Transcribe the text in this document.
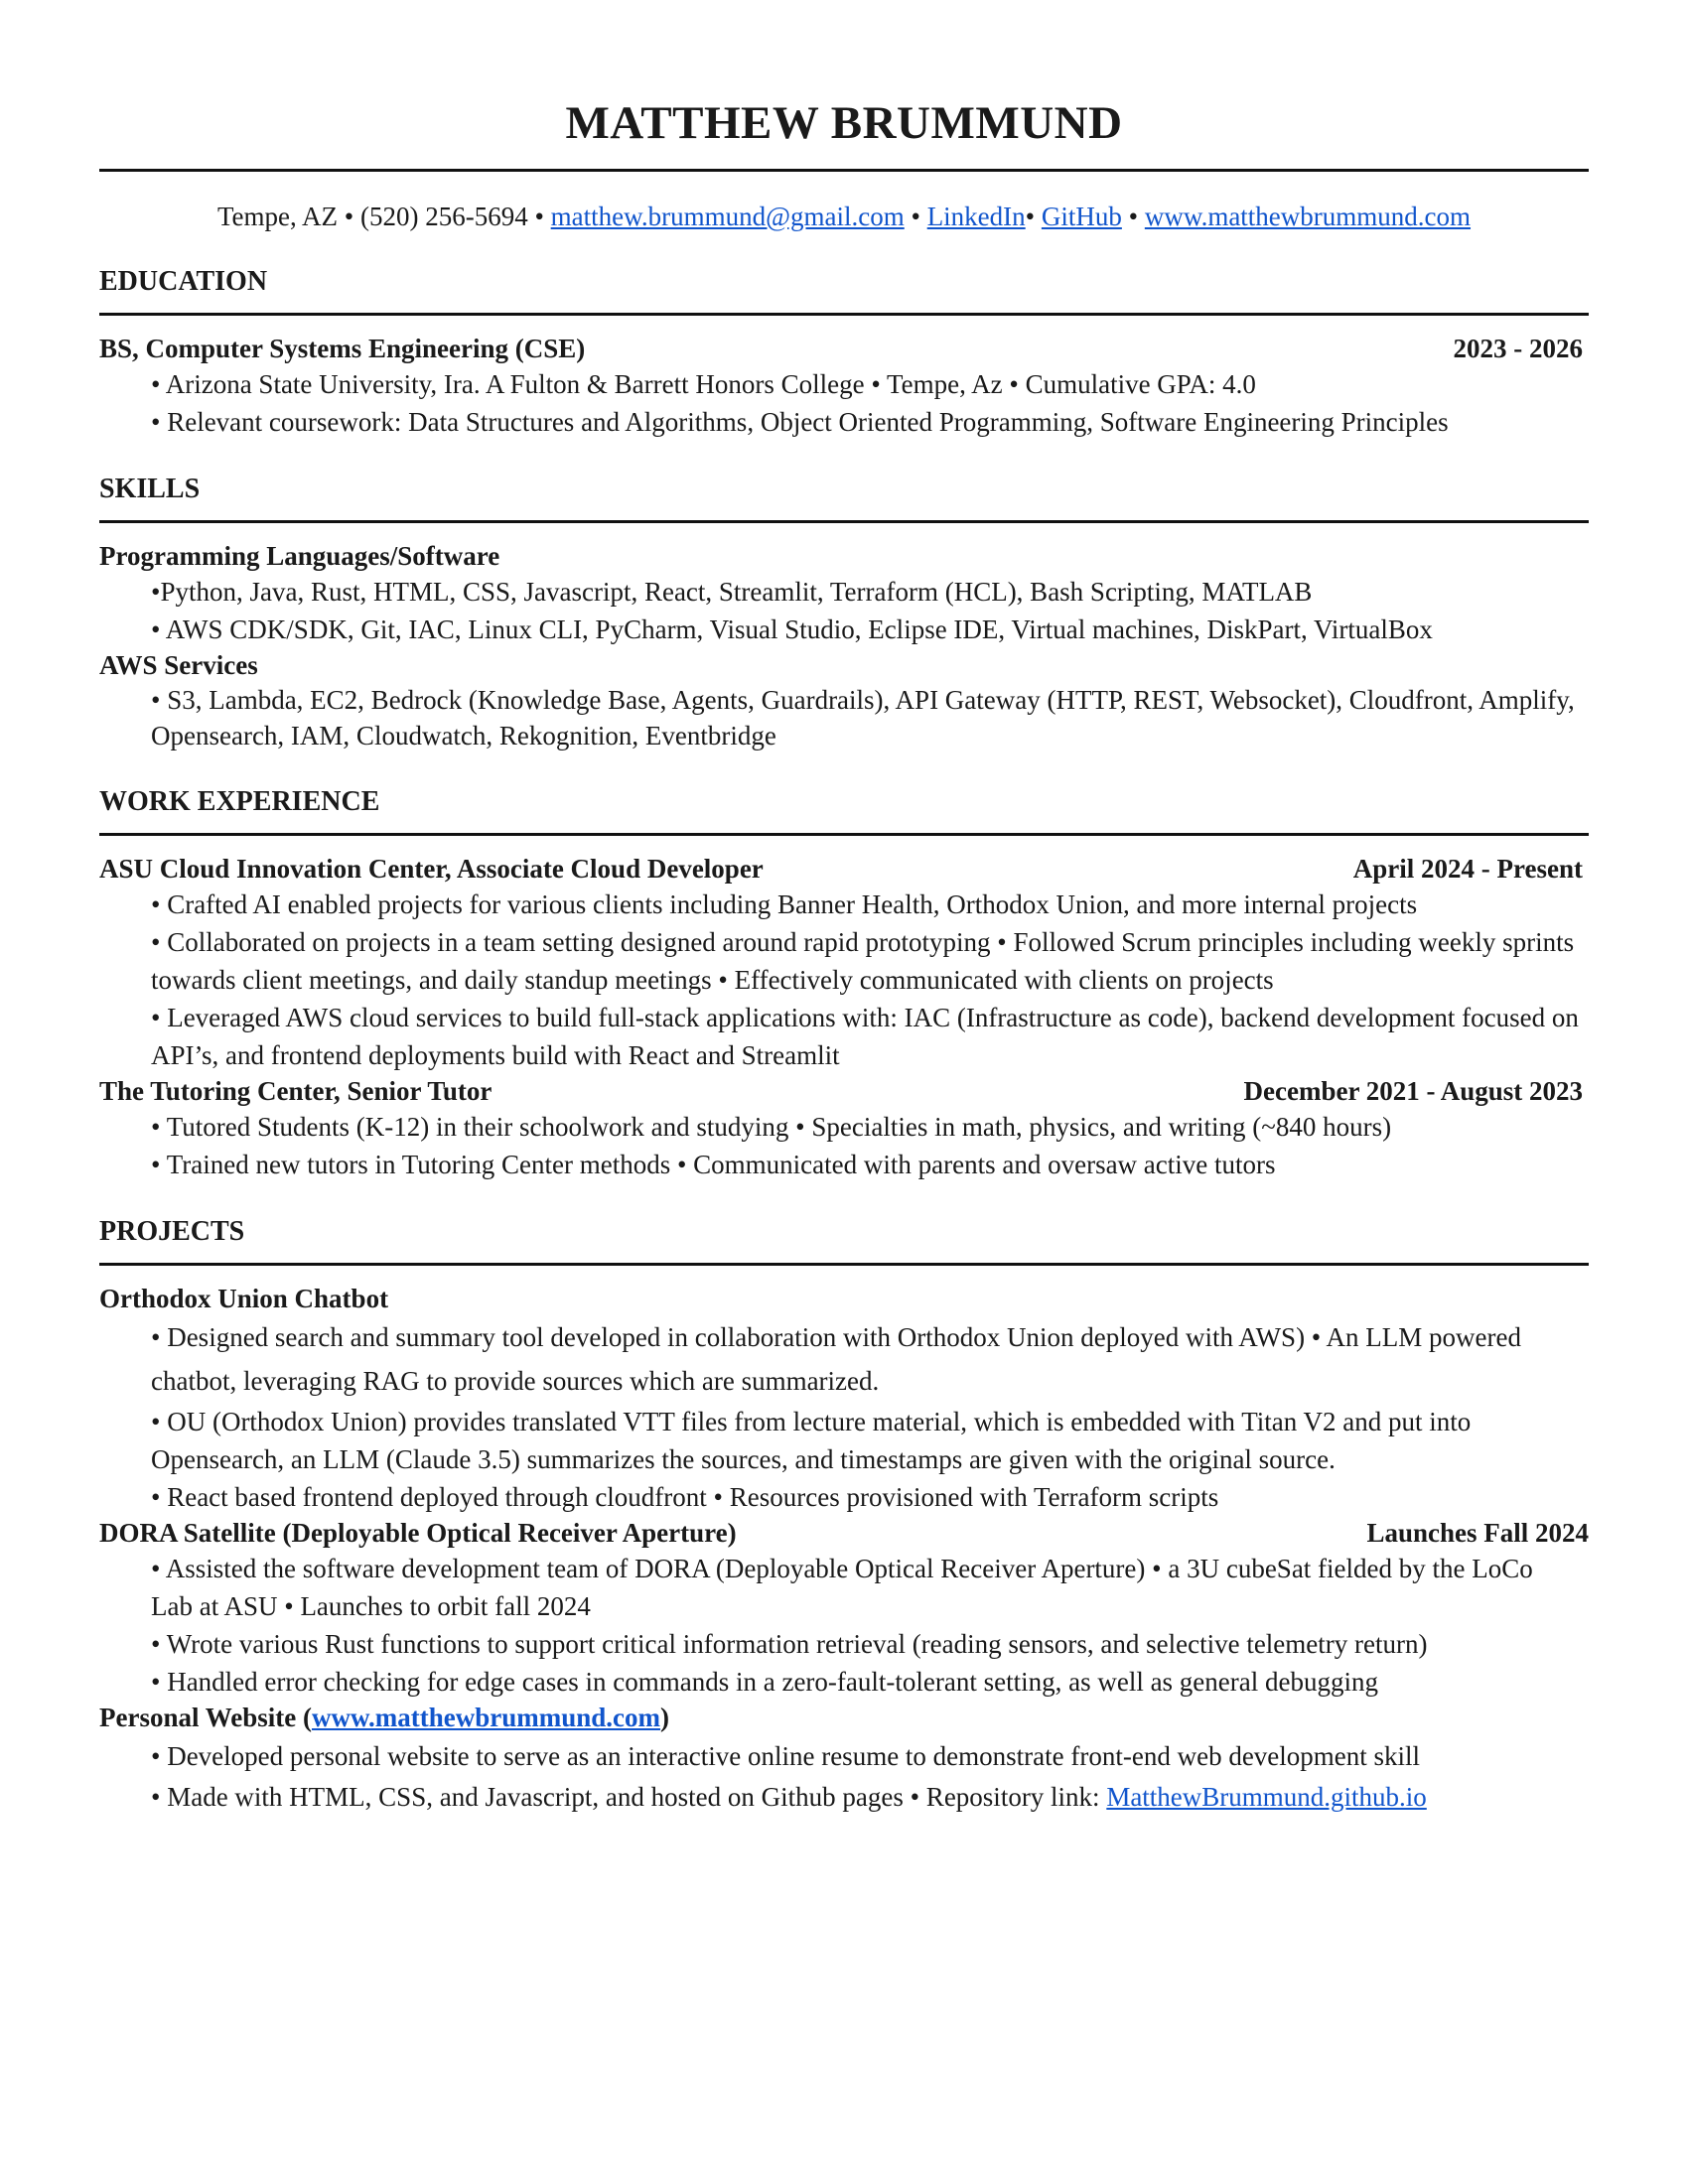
MATTHEW BRUMMUND
Tempe, AZ • (520) 256-5694 • matthew.brummund@gmail.com • LinkedIn• GitHub • www.matthewbrummund.com
EDUCATION
BS, Computer Systems Engineering (CSE)	2023 - 2026
• Arizona State University, Ira. A Fulton & Barrett Honors College • Tempe, Az • Cumulative GPA: 4.0
• Relevant coursework: Data Structures and Algorithms, Object Oriented Programming, Software Engineering Principles
SKILLS
Programming Languages/Software
•Python, Java, Rust, HTML, CSS, Javascript, React, Streamlit, Terraform (HCL), Bash Scripting, MATLAB
• AWS CDK/SDK, Git, IAC, Linux CLI, PyCharm, Visual Studio, Eclipse IDE, Virtual machines, DiskPart, VirtualBox
AWS Services
• S3, Lambda, EC2, Bedrock (Knowledge Base, Agents, Guardrails), API Gateway (HTTP, REST, Websocket), Cloudfront, Amplify, Opensearch, IAM, Cloudwatch, Rekognition, Eventbridge
WORK EXPERIENCE
ASU Cloud Innovation Center, Associate Cloud Developer	April 2024 - Present
• Crafted AI enabled projects for various clients including Banner Health, Orthodox Union, and more internal projects
• Collaborated on projects in a team setting designed around rapid prototyping • Followed Scrum principles including weekly sprints towards client meetings, and daily standup meetings • Effectively communicated with clients on projects
• Leveraged AWS cloud services to build full-stack applications with: IAC (Infrastructure as code), backend development focused on API’s, and frontend deployments build with React and Streamlit
The Tutoring Center, Senior Tutor	December 2021 - August 2023
• Tutored Students (K-12) in their schoolwork and studying • Specialties in math, physics, and writing (~840 hours)
• Trained new tutors in Tutoring Center methods • Communicated with parents and oversaw active tutors
PROJECTS
Orthodox Union Chatbot
• Designed search and summary tool developed in collaboration with Orthodox Union deployed with AWS) • An LLM powered chatbot, leveraging RAG to provide sources which are summarized.
• OU (Orthodox Union) provides translated VTT files from lecture material, which is embedded with Titan V2 and put into Opensearch, an LLM (Claude 3.5) summarizes the sources, and timestamps are given with the original source.
• React based frontend deployed through cloudfront • Resources provisioned with Terraform scripts
DORA Satellite (Deployable Optical Receiver Aperture)	Launches Fall 2024
• Assisted the software development team of DORA (Deployable Optical Receiver Aperture) • a 3U cubeSat fielded by the LoCo Lab at ASU • Launches to orbit fall 2024
• Wrote various Rust functions to support critical information retrieval (reading sensors, and selective telemetry return)
• Handled error checking for edge cases in commands in a zero-fault-tolerant setting, as well as general debugging
Personal Website (www.matthewbrummund.com)
• Developed personal website to serve as an interactive online resume to demonstrate front-end web development skill
• Made with HTML, CSS, and Javascript, and hosted on Github pages • Repository link: MatthewBrummund.github.io
